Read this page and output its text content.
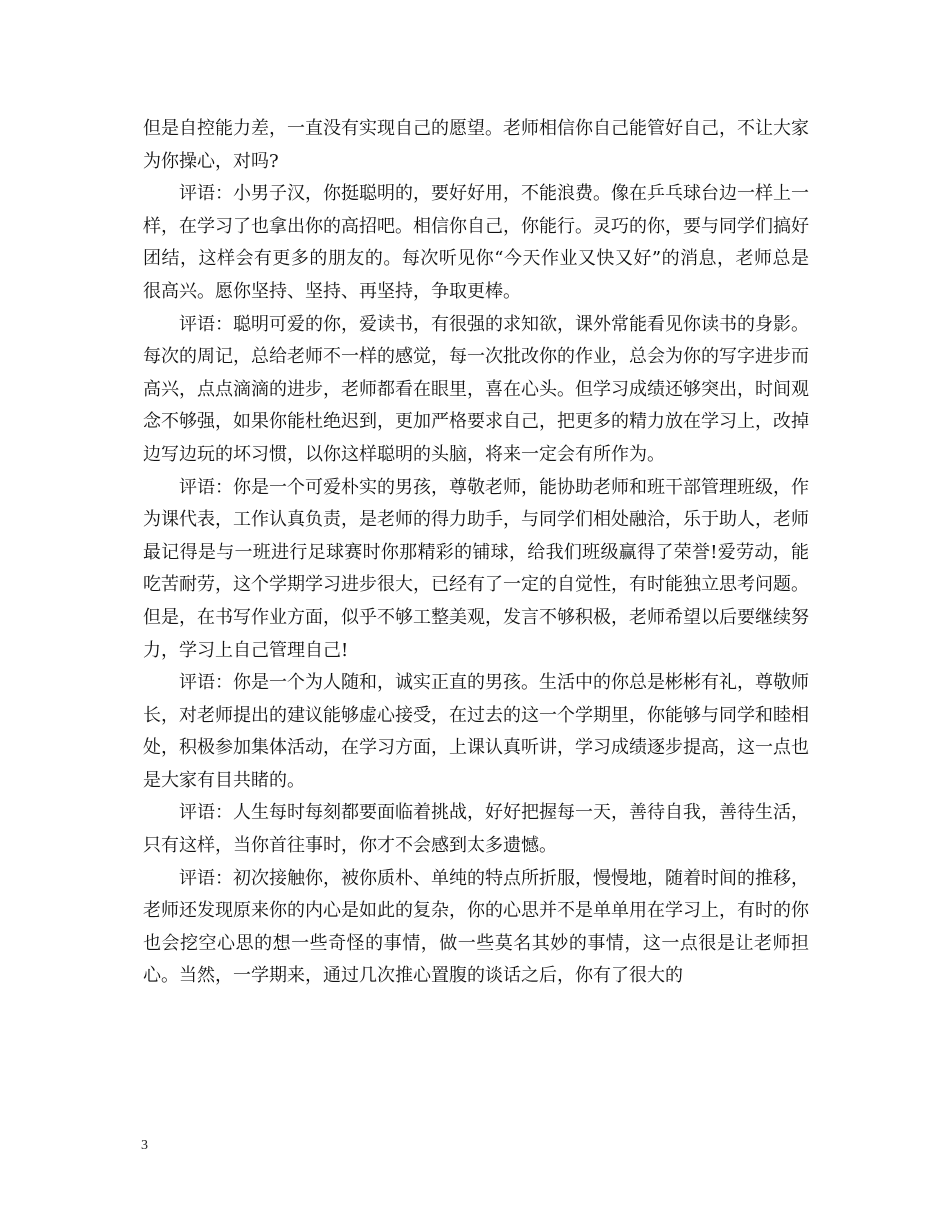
但是自控能力差，一直没有实现自己的愿望。老师相信你自己能管好自己，不让大家为你操心，对吗?

评语：小男子汉，你挺聪明的，要好好用，不能浪费。像在乒乓球台边一样上一样，在学习了也拿出你的高招吧。相信你自己，你能行。灵巧的你，要与同学们搞好团结，这样会有更多的朋友的。每次听见你“今天作业又快又好”的消息，老师总是很高兴。愿你坚持、坚持、再坚持，争取更棒。

评语：聪明可爱的你，爱读书，有很强的求知欲，课外常能看见你读书的身影。每次的周记，总给老师不一样的感觉，每一次批改你的作业，总会为你的写字进步而高兴，点点滴滴的进步，老师都看在眼里，喜在心头。但学习成绩还够突出，时间观念不够强，如果你能杜绝迟到，更加严格要求自己，把更多的精力放在学习上，改掉边写边玩的坏习惯，以你这样聪明的头脑，将来一定会有所作为。

评语：你是一个可爱朴实的男孩，尊敬老师，能协助老师和班干部管理班级，作为课代表，工作认真负责，是老师的得力助手，与同学们相处融洽，乐于助人，老师最记得是与一班进行足球赛时你那精彩的铺球，给我们班级赢得了荣誉!爱劳动，能吃苦耐劳，这个学期学习进步很大，已经有了一定的自觉性，有时能独立思考问题。但是，在书写作业方面，似乎不够工整美观，发言不够积极，老师希望以后要继续努力，学习上自己管理自己!

评语：你是一个为人随和，诚实正直的男孩。生活中的你总是彬彬有礼，尊敬师长，对老师提出的建议能够虚心接受，在过去的这一个学期里，你能够与同学和睦相处，积极参加集体活动，在学习方面，上课认真听讲，学习成绩逐步提高，这一点也是大家有目共睹的。

评语：人生每时每刻都要面临着挑战，好好把握每一天，善待自我，善待生活，只有这样，当你首往事时，你才不会感到太多遗憾。

评语：初次接触你，被你质朴、单纯的特点所折服，慢慢地，随着时间的推移，老师还发现原来你的内心是如此的复杂，你的心思并不是单单用在学习上，有时的你也会挖空心思的想一些奇怪的事情，做一些莫名其妙的事情，这一点很是让老师担心。当然，一学期来，通过几次推心置腹的谈话之后，你有了很大的

3
